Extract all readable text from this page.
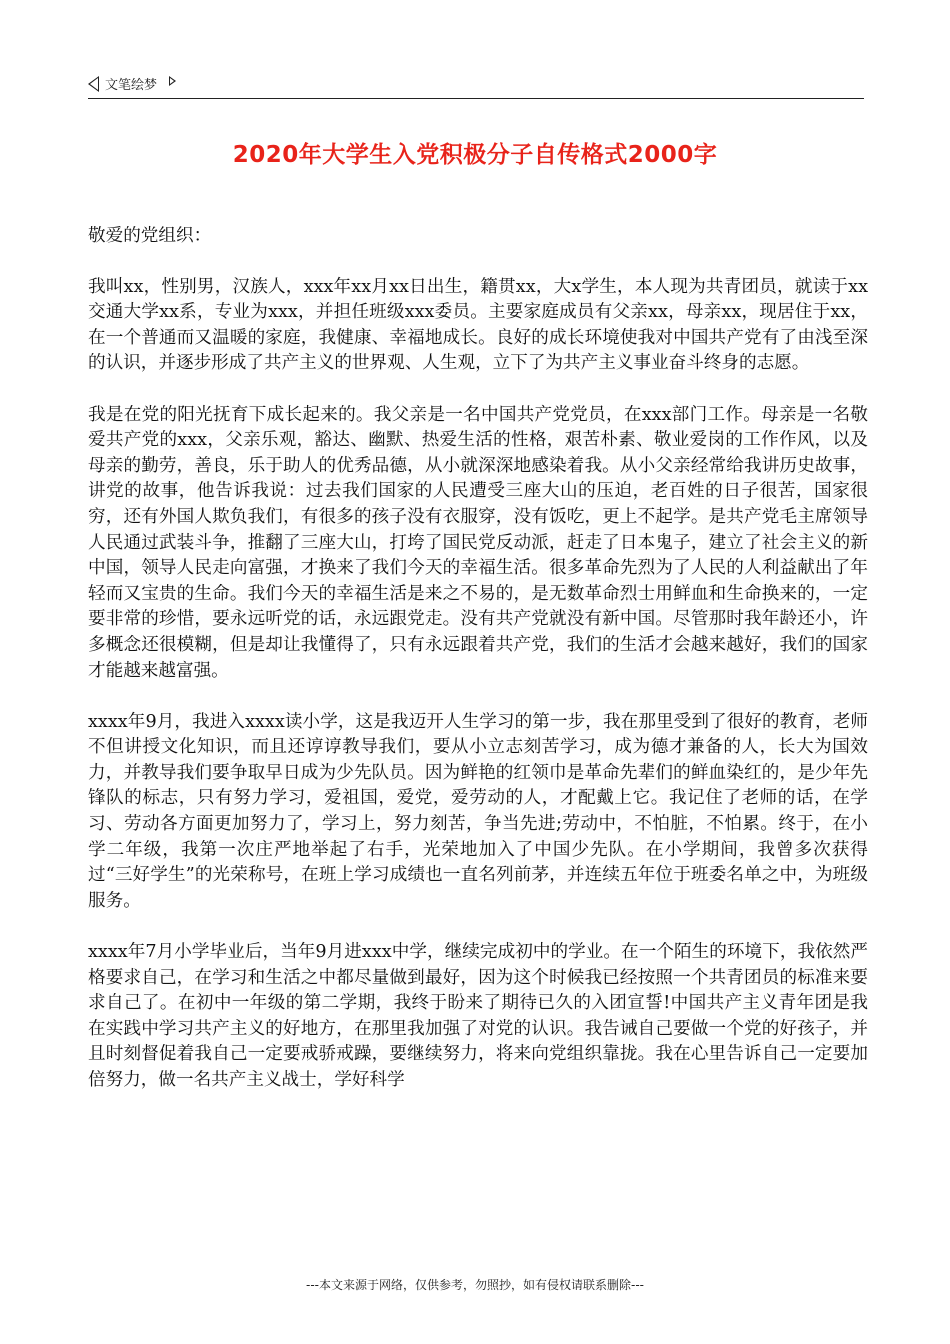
文笔绘梦
2020年大学生入党积极分子自传格式2000字

敬爱的党组织：

我叫xx，性别男，汉族人，xxx年xx月xx日出生，籍贯xx，大x学生，本人现为共青团员，就读于xx交通大学xx系，专业为xxx，并担任班级xxx委员。主要家庭成员有父亲xx，母亲xx，现居住于xx，在一个普通而又温暖的家庭，我健康、幸福地成长。良好的成长环境使我对中国共产党有了由浅至深的认识，并逐步形成了共产主义的世界观、人生观，立下了为共产主义事业奋斗终身的志愿。

我是在党的阳光抚育下成长起来的。我父亲是一名中国共产党党员，在xxx部门工作。母亲是一名敬爱共产党的xxx，父亲乐观，豁达、幽默、热爱生活的性格，艰苦朴素、敬业爱岗的工作作风，以及母亲的勤劳，善良，乐于助人的优秀品德，从小就深深地感染着我。从小父亲经常给我讲历史故事，讲党的故事，他告诉我说：过去我们国家的人民遭受三座大山的压迫，老百姓的日子很苦，国家很穷，还有外国人欺负我们，有很多的孩子没有衣服穿，没有饭吃，更上不起学。是共产党毛主席领导人民通过武装斗争，推翻了三座大山，打垮了国民党反动派，赶走了日本鬼子，建立了社会主义的新中国，领导人民走向富强，才换来了我们今天的幸福生活。很多革命先烈为了人民的人利益献出了年轻而又宝贵的生命。我们今天的幸福生活是来之不易的，是无数革命烈士用鲜血和生命换来的，一定要非常的珍惜，要永远听党的话，永远跟党走。没有共产党就没有新中国。尽管那时我年龄还小，许多概念还很模糊，但是却让我懂得了，只有永远跟着共产党，我们的生活才会越来越好，我们的国家才能越来越富强。

xxxx年9月，我进入xxxx读小学，这是我迈开人生学习的第一步，我在那里受到了很好的教育，老师不但讲授文化知识，而且还谆谆教导我们，要从小立志刻苦学习，成为德才兼备的人，长大为国效力，并教导我们要争取早日成为少先队员。因为鲜艳的红领巾是革命先辈们的鲜血染红的，是少年先锋队的标志，只有努力学习，爱祖国，爱党，爱劳动的人，才配戴上它。我记住了老师的话，在学习、劳动各方面更加努力了，学习上，努力刻苦，争当先进;劳动中，不怕脏，不怕累。终于，在小学二年级，我第一次庄严地举起了右手，光荣地加入了中国少先队。在小学期间，我曾多次获得过“三好学生”的光荣称号，在班上学习成绩也一直名列前茅，并连续五年位于班委名单之中，为班级服务。

xxxx年7月小学毕业后，当年9月进xxx中学，继续完成初中的学业。在一个陌生的环境下，我依然严格要求自己，在学习和生活之中都尽量做到最好，因为这个时候我已经按照一个共青团员的标准来要求自己了。在初中一年级的第二学期，我终于盼来了期待已久的入团宣誓!中国共产主义青年团是我在实践中学习共产主义的好地方，在那里我加强了对党的认识。我告诫自己要做一个党的好孩子，并且时刻督促着我自己一定要戒骄戒躁，要继续努力，将来向党组织靠拢。我在心里告诉自己一定要加倍努力，做一名共产主义战士，学好科学

---本文来源于网络，仅供参考，勿照抄，如有侵权请联系删除---
